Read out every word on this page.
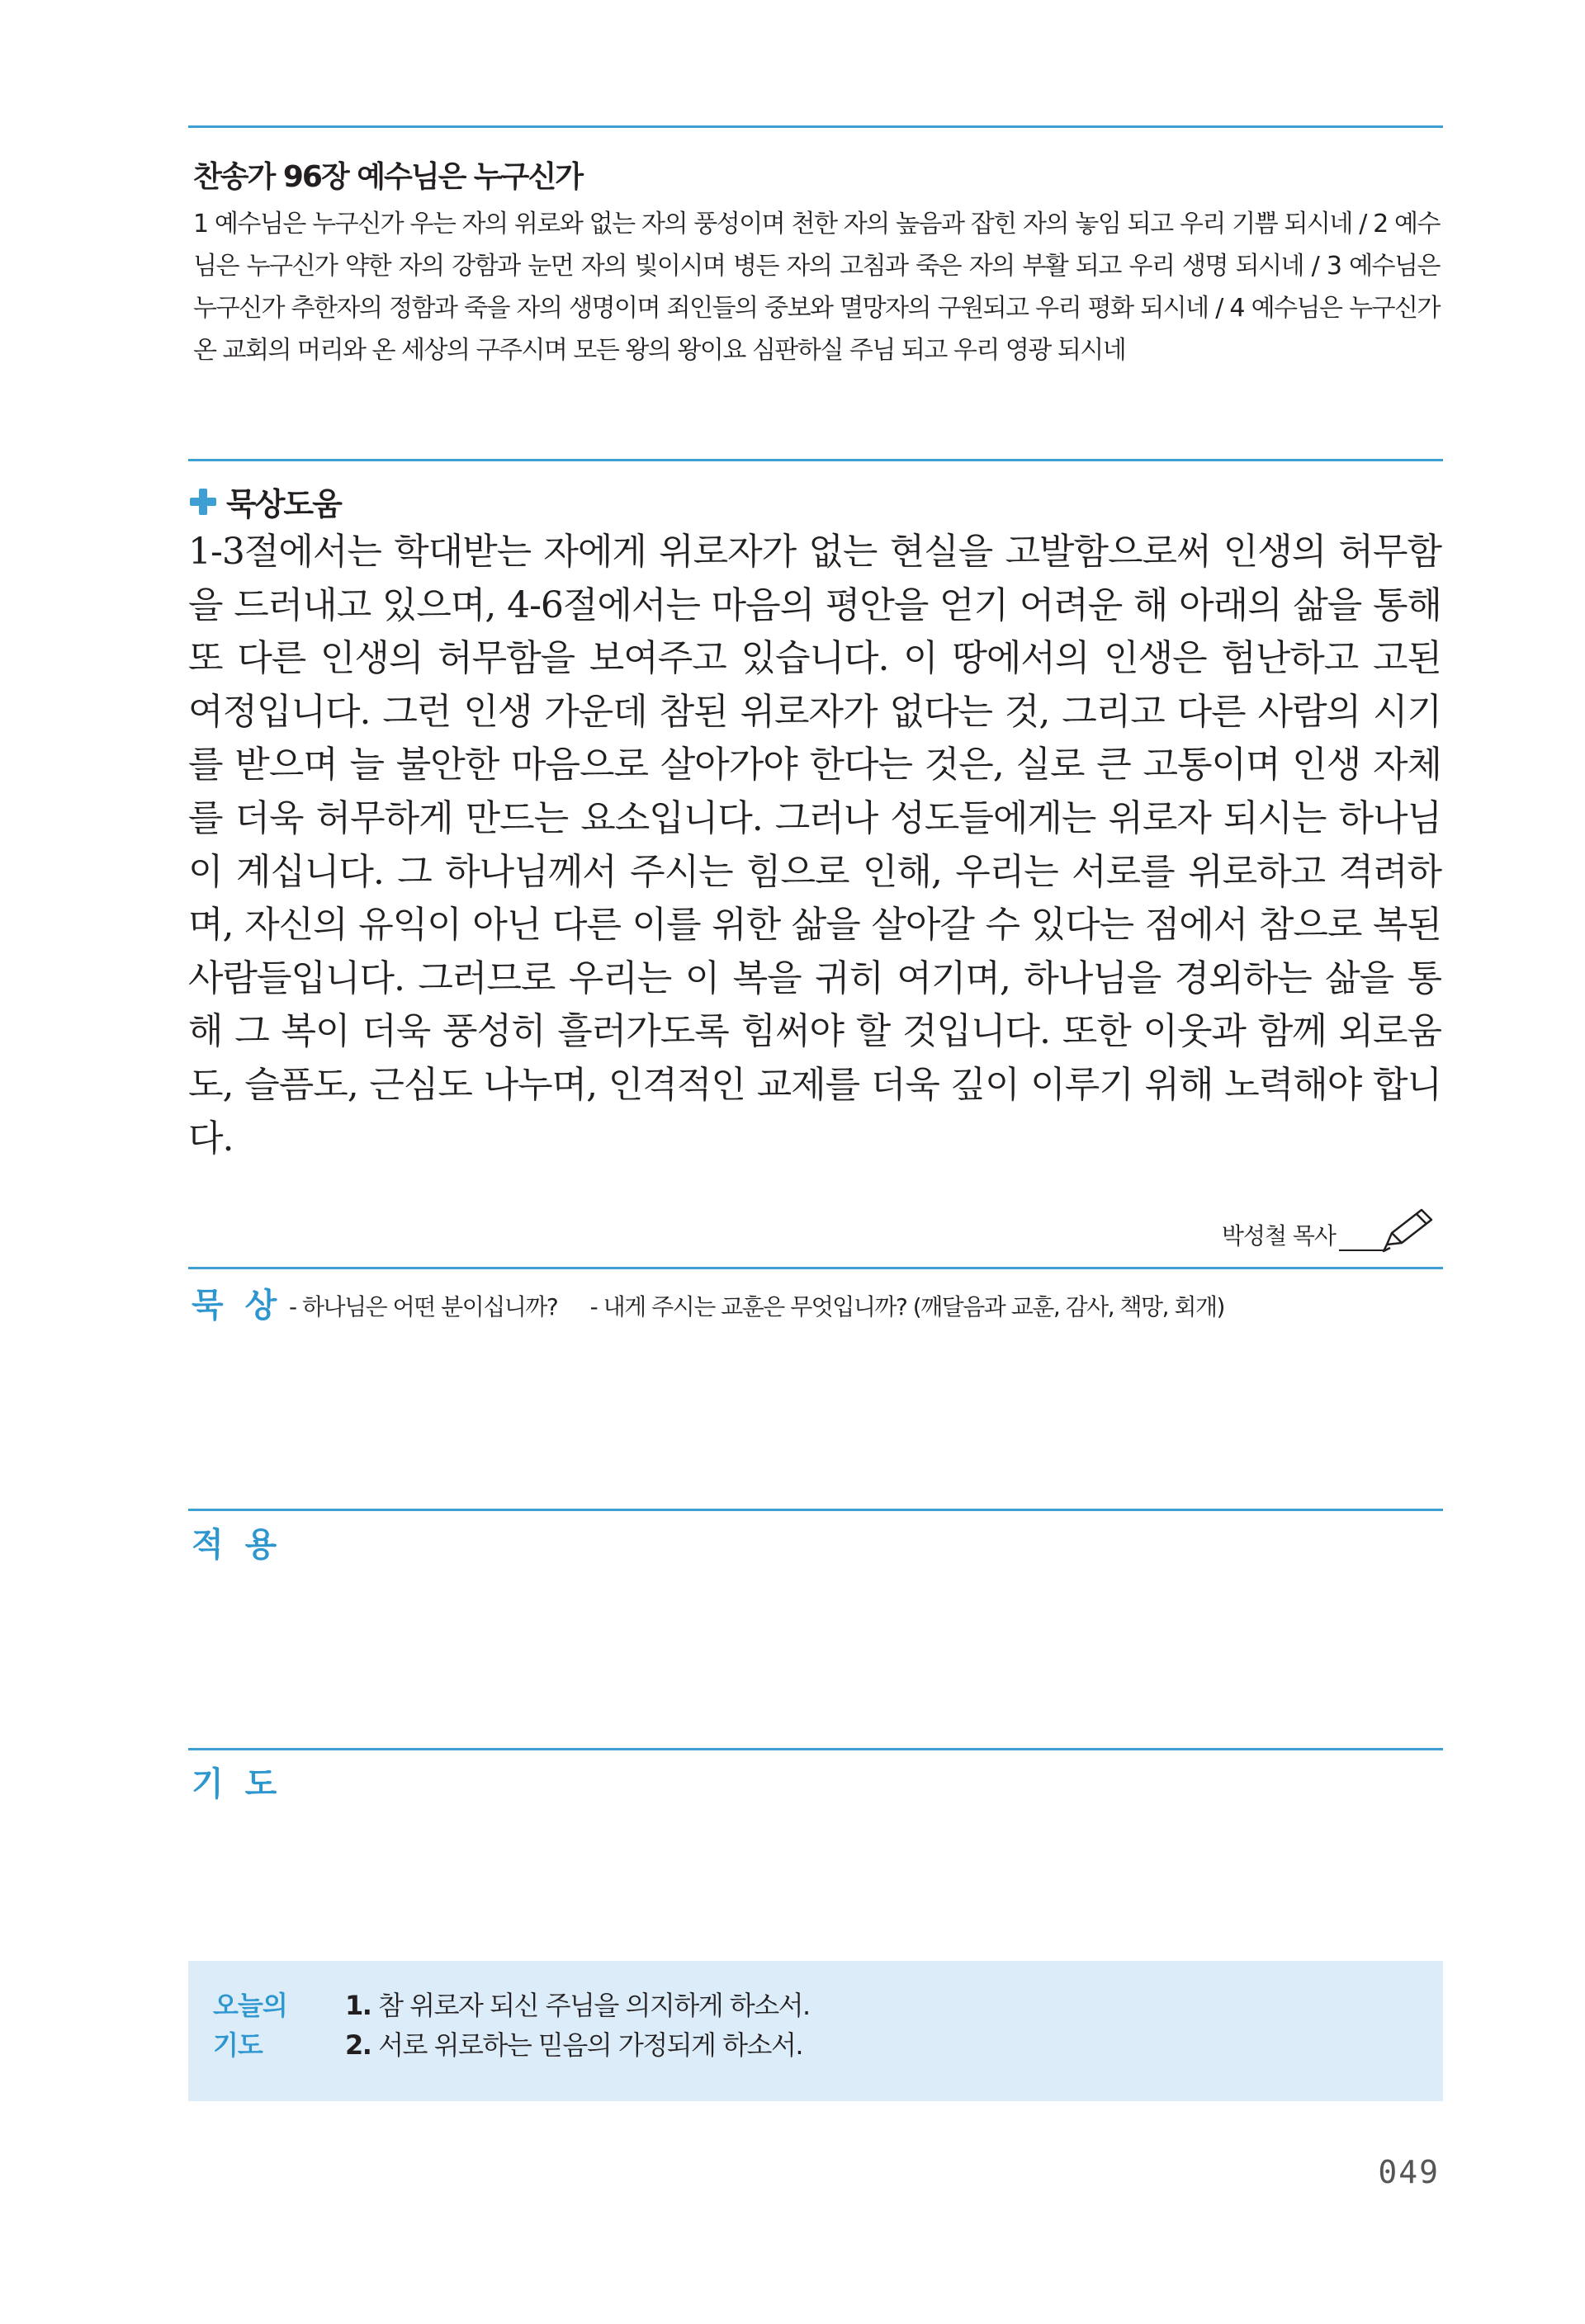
찬송가 96장 예수님은 누구신가

1 예수님은 누구신가 우는 자의 위로와 없는 자의 풍성이며 천한 자의 높음과 잡힌 자의 놓임 되고 우리 기쁨 되시네 / 2 예수님은 누구신가 약한 자의 강함과 눈먼 자의 빛이시며 병든 자의 고침과 죽은 자의 부활 되고 우리 생명 되시네 / 3 예수님은 누구신가 추한자의 정함과 죽을 자의 생명이며 죄인들의 중보와 멸망자의 구원되고 우리 평화 되시네 / 4 예수님은 누구신가 온 교회의 머리와 온 세상의 구주시며 모든 왕의 왕이요 심판하실 주님 되고 우리 영광 되시네

묵상도움

1-3절에서는 학대받는 자에게 위로자가 없는 현실을 고발함으로써 인생의 허무함을 드러내고 있으며, 4-6절에서는 마음의 평안을 얻기 어려운 해 아래의 삶을 통해 또 다른 인생의 허무함을 보여주고 있습니다. 이 땅에서의 인생은 험난하고 고된 여정입니다. 그런 인생 가운데 참된 위로자가 없다는 것, 그리고 다른 사람의 시기를 받으며 늘 불안한 마음으로 살아가야 한다는 것은, 실로 큰 고통이며 인생 자체를 더욱 허무하게 만드는 요소입니다. 그러나 성도들에게는 위로자 되시는 하나님이 계십니다. 그 하나님께서 주시는 힘으로 인해, 우리는 서로를 위로하고 격려하며, 자신의 유익이 아닌 다른 이를 위한 삶을 살아갈 수 있다는 점에서 참으로 복된 사람들입니다. 그러므로 우리는 이 복을 귀히 여기며, 하나님을 경외하는 삶을 통해 그 복이 더욱 풍성히 흘러가도록 힘써야 할 것입니다. 또한 이웃과 함께 외로움도, 슬픔도, 근심도 나누며, 인격적인 교제를 더욱 깊이 이루기 위해 노력해야 합니다.

박성철 목사
묵 상 - 하나님은 어떤 분이십니까? - 내게 주시는 교훈은 무엇입니까? (깨달음과 교훈, 감사, 책망, 회개)

적 용
기 도
오늘의
기도
1. 참 위로자 되신 주님을 의지하게 하소서.
2. 서로 위로하는 믿음의 가정되게 하소서.
049
